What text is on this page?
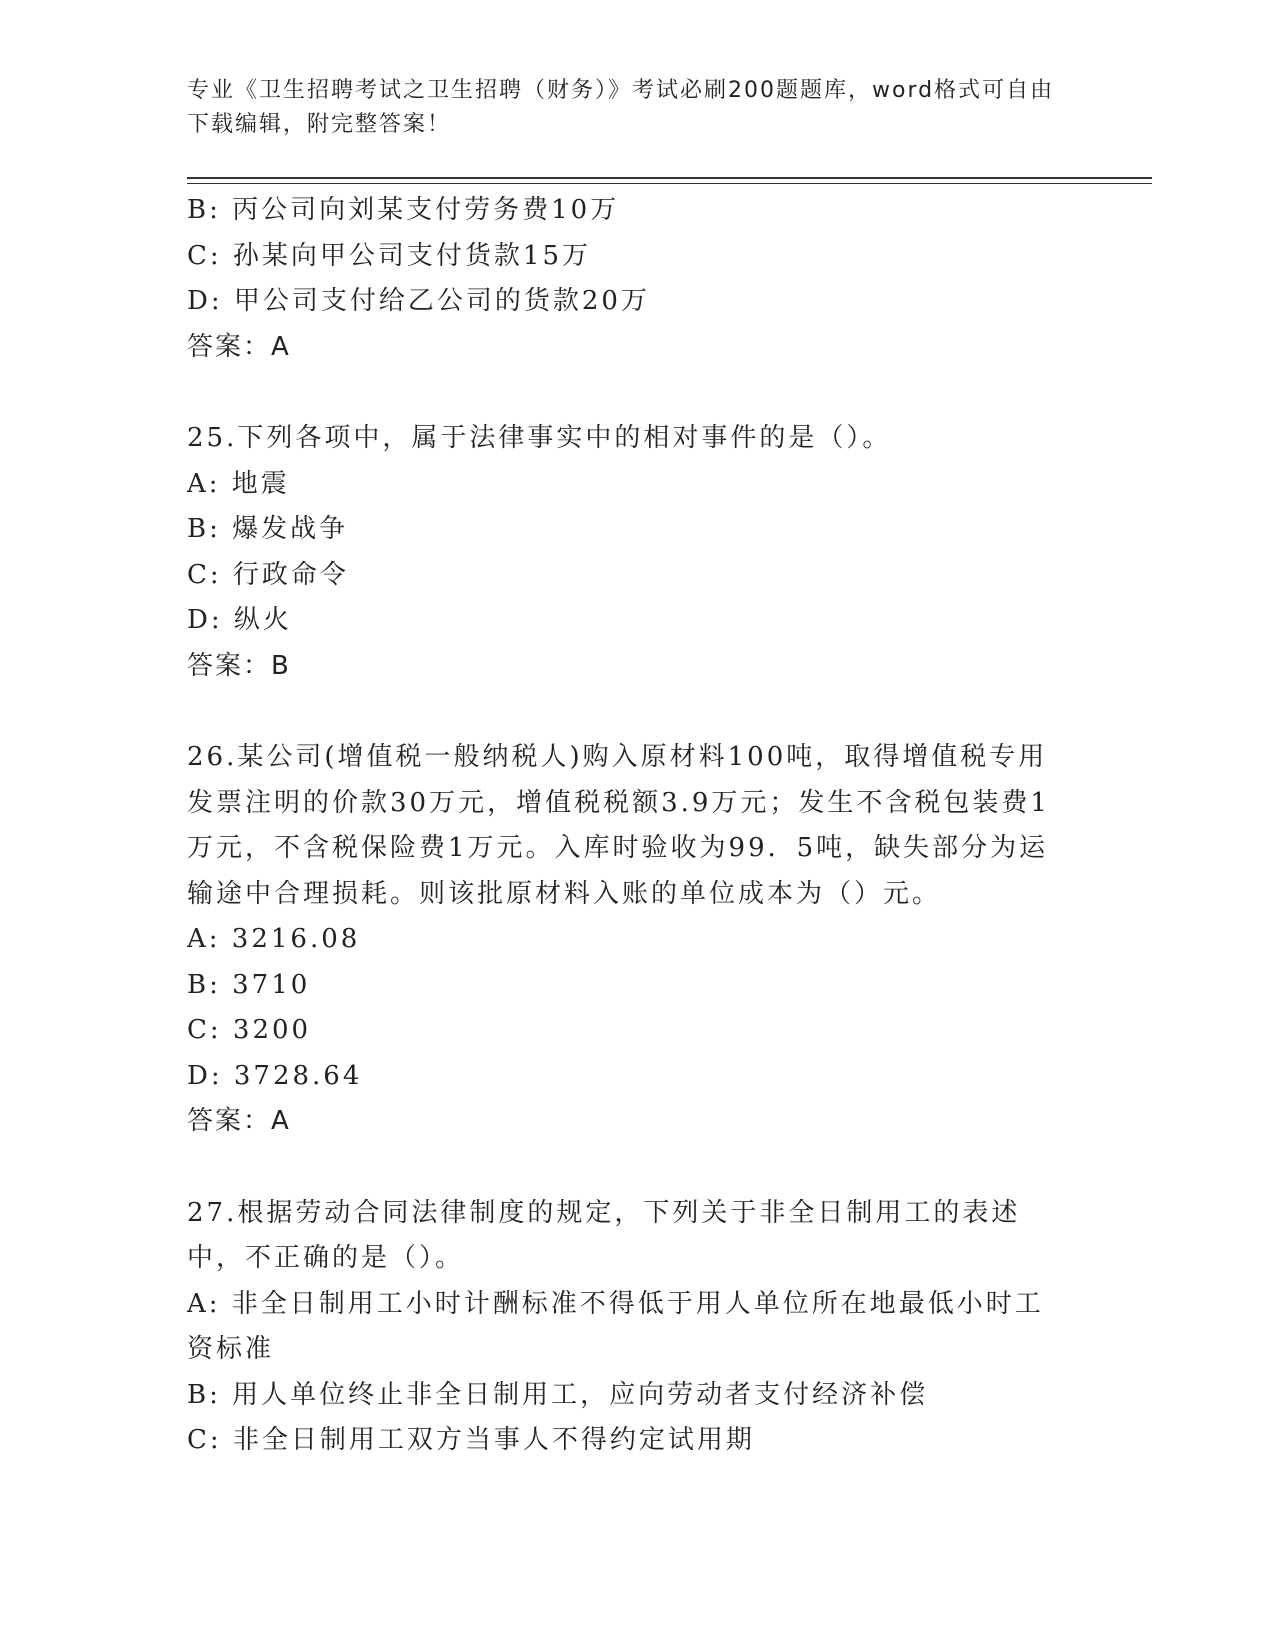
专业《卫生招聘考试之卫生招聘（财务）》考试必刷200题题库，word格式可自由下载编辑，附完整答案！
B: 丙公司向刘某支付劳务费10万
C: 孙某向甲公司支付货款15万
D: 甲公司支付给乙公司的货款20万
答案：A
25.下列各项中，属于法律事实中的相对事件的是（）。
A: 地震
B: 爆发战争
C: 行政命令
D: 纵火
答案：B
26.某公司(增值税一般纳税人)购入原材料100吨，取得增值税专用发票注明的价款30万元，增值税税额3.9万元；发生不含税包装费1万元，不含税保险费1万元。入库时验收为99．5吨，缺失部分为运输途中合理损耗。则该批原材料入账的单位成本为（）元。
A: 3216.08
B: 3710
C: 3200
D: 3728.64
答案：A
27.根据劳动合同法律制度的规定，下列关于非全日制用工的表述中，不正确的是（）。
A: 非全日制用工小时计酬标准不得低于用人单位所在地最低小时工资标准
B: 用人单位终止非全日制用工，应向劳动者支付经济补偿
C: 非全日制用工双方当事人不得约定试用期
